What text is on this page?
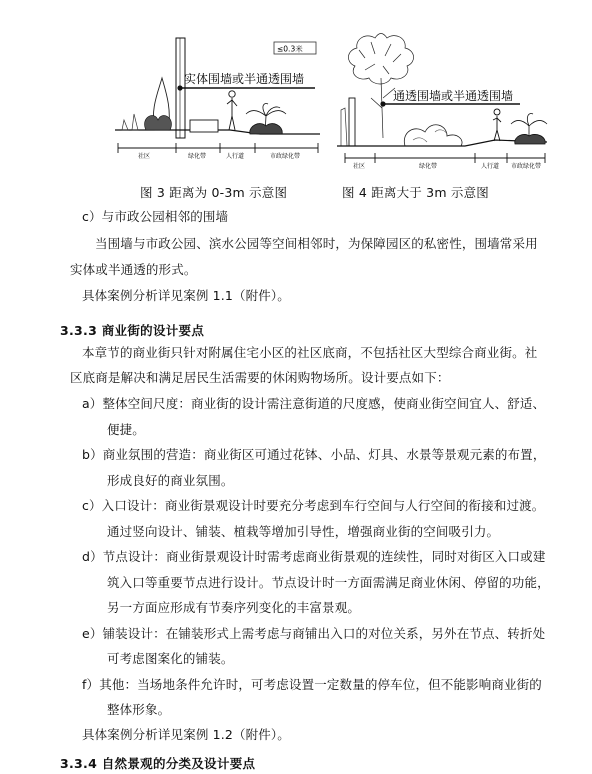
≤0.3米
实体围墙或半通透围墙
社区	绿化带	人行道	市政绿化带
图 3 距离为 0-3m 示意图
通透围墙或半通透围墙
社区	绿化带	人行道 市政绿化带
图 4 距离大于 3m 示意图
c）与市政公园相邻的围墙
当围墙与市政公园、滨水公园等空间相邻时，为保障园区的私密性，围墙常采用
实体或半通透的形式。
具体案例分析详见案例 1.1（附件）。
3.3.3 商业街的设计要点
本章节的商业街只针对附属住宅小区的社区底商，不包括社区大型综合商业街。社
区底商是解决和满足居民生活需要的休闲购物场所。设计要点如下：
a）整体空间尺度：商业街的设计需注意街道的尺度感，使商业街空间宜人、舒适、
便捷。
b）商业氛围的营造：商业街区可通过花钵、小品、灯具、水景等景观元素的布置，
形成良好的商业氛围。
c）入口设计：商业街景观设计时要充分考虑到车行空间与人行空间的衔接和过渡。
通过竖向设计、铺装、植栽等增加引导性，增强商业街的空间吸引力。
d）节点设计：商业街景观设计时需考虑商业街景观的连续性，同时对街区入口或建
筑入口等重要节点进行设计。节点设计时一方面需满足商业休闲、停留的功能，
另一方面应形成有节奏序列变化的丰富景观。
e）铺装设计：在铺装形式上需考虑与商铺出入口的对位关系，另外在节点、转折处
可考虑图案化的铺装。
f）其他：当场地条件允许时，可考虑设置一定数量的停车位，但不能影响商业街的
整体形象。
具体案例分析详见案例 1.2（附件）。
3.3.4 自然景观的分类及设计要点
